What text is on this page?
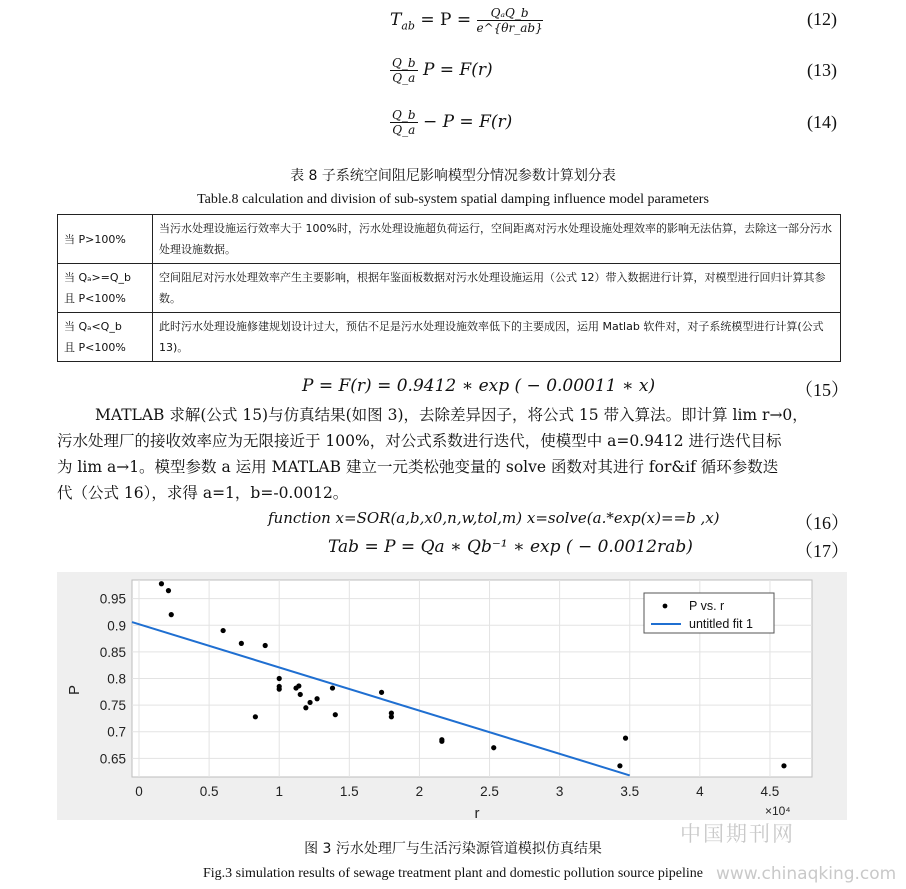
$T_{ab} = P = \frac{\text{QₐQ\_b}}{e\^{}\{\theta r\_ab\}}$	(12)
$\frac{Q\_b}{Q\_a}$ P = F(r)	(13)
$\frac{Q\_b}{Q\_a} - P = F(r)$	(14)
表 8 子系统空间阻尼影响模型分情况参数计算划分表
Table.8 calculation and division of sub-system spatial damping influence model parameters
当 P>100%	当污水处理设施运行效率大于 100%时，污水处理设施超负荷运行，空间距离对污水处理设施处理效率的影响无法估算，去除这一部分污水处理设施数据。

当 Qₐ>=Q_b
且 P<100%	空间阻尼对污水处理效率产生主要影响，根据年鉴面板数据对污水处理设施运用（公式 12）带入数据进行计算，对模型进行回归计算其参数。

当 Qₐ<Q_b
且 P<100%	此时污水处理设施修建规划设计过大，预估不足是污水处理设施效率低下的主要成因，运用 Matlab 软件对，对子系统模型进行计算(公式 13)。
P = F(r) = 0.9412 ∗ exp ( − 0.00011 ∗ x)	（15）
MATLAB 求解(公式 15)与仿真结果(如图 3)，去除差异因子，将公式 15 带入算法。即计算 lim r→0，
污水处理厂的接收效率应为无限接近于 100%，对公式系数进行迭代，使模型中 a=0.9412 进行迭代目标
为 lim a→1。模型参数 a 运用 MATLAB 建立一元类松弛变量的 solve 函数对其进行 for&if 循环参数迭
代（公式 16），求得 a=1，b=-0.0012。
function x=SOR(a,b,x0,n,w,tol,m) x=solve(a.*exp(x)==b ,x)	（16）
Tab = P = Qa ∗ Qb⁻¹ ∗ exp ( − 0.0012rab)	（17）
0	0.5	1	1.5	2	2.5	3	3.5	4	4.5
0.65
0.7
0.75
0.8
0.85
0.9
0.95	P vs. r
untitled fit 1
P
r	×10⁴
图 3 污水处理厂与生活污染源管道模拟仿真结果
Fig.3 simulation results of sewage treatment plant and domestic pollution source pipeline
中国期刊网
www.chinaqking.com
